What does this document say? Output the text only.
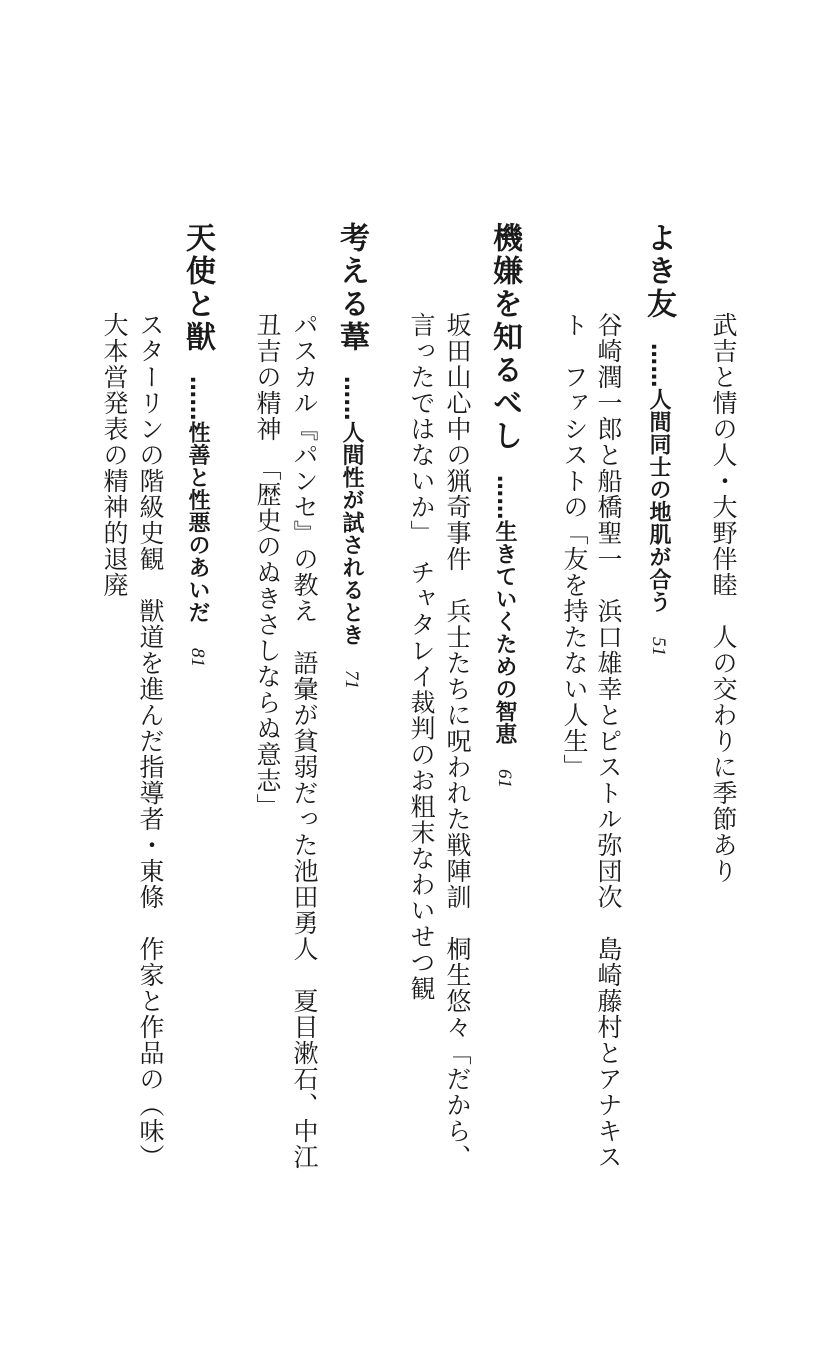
武吉と情の人・大野伴睦　人の交わりに季節あり
よき友……人間同士の地肌が合う51
谷崎潤一郎と船橋聖一　浜口雄幸とピストル弥団次　島崎藤村とアナキス
ト　ファシストの「友を持たない人生」
機嫌を知るべし……生きていくための智恵61
坂田山心中の猟奇事件　兵士たちに呪われた戦陣訓　桐生悠々「だから、
言ったではないか」　チャタレイ裁判のお粗末なわいせつ観
考える葦……人間性が試されるとき71
パスカル『パンセ』の教え　語彙が貧弱だった池田勇人　夏目漱石、中江
丑吉の精神　「歴史のぬきさしならぬ意志」
天使と獣……性善と性悪のあいだ81
スターリンの階級史観　獣道を進んだ指導者・東條　作家と作品の（味）
大本営発表の精神的退廃
